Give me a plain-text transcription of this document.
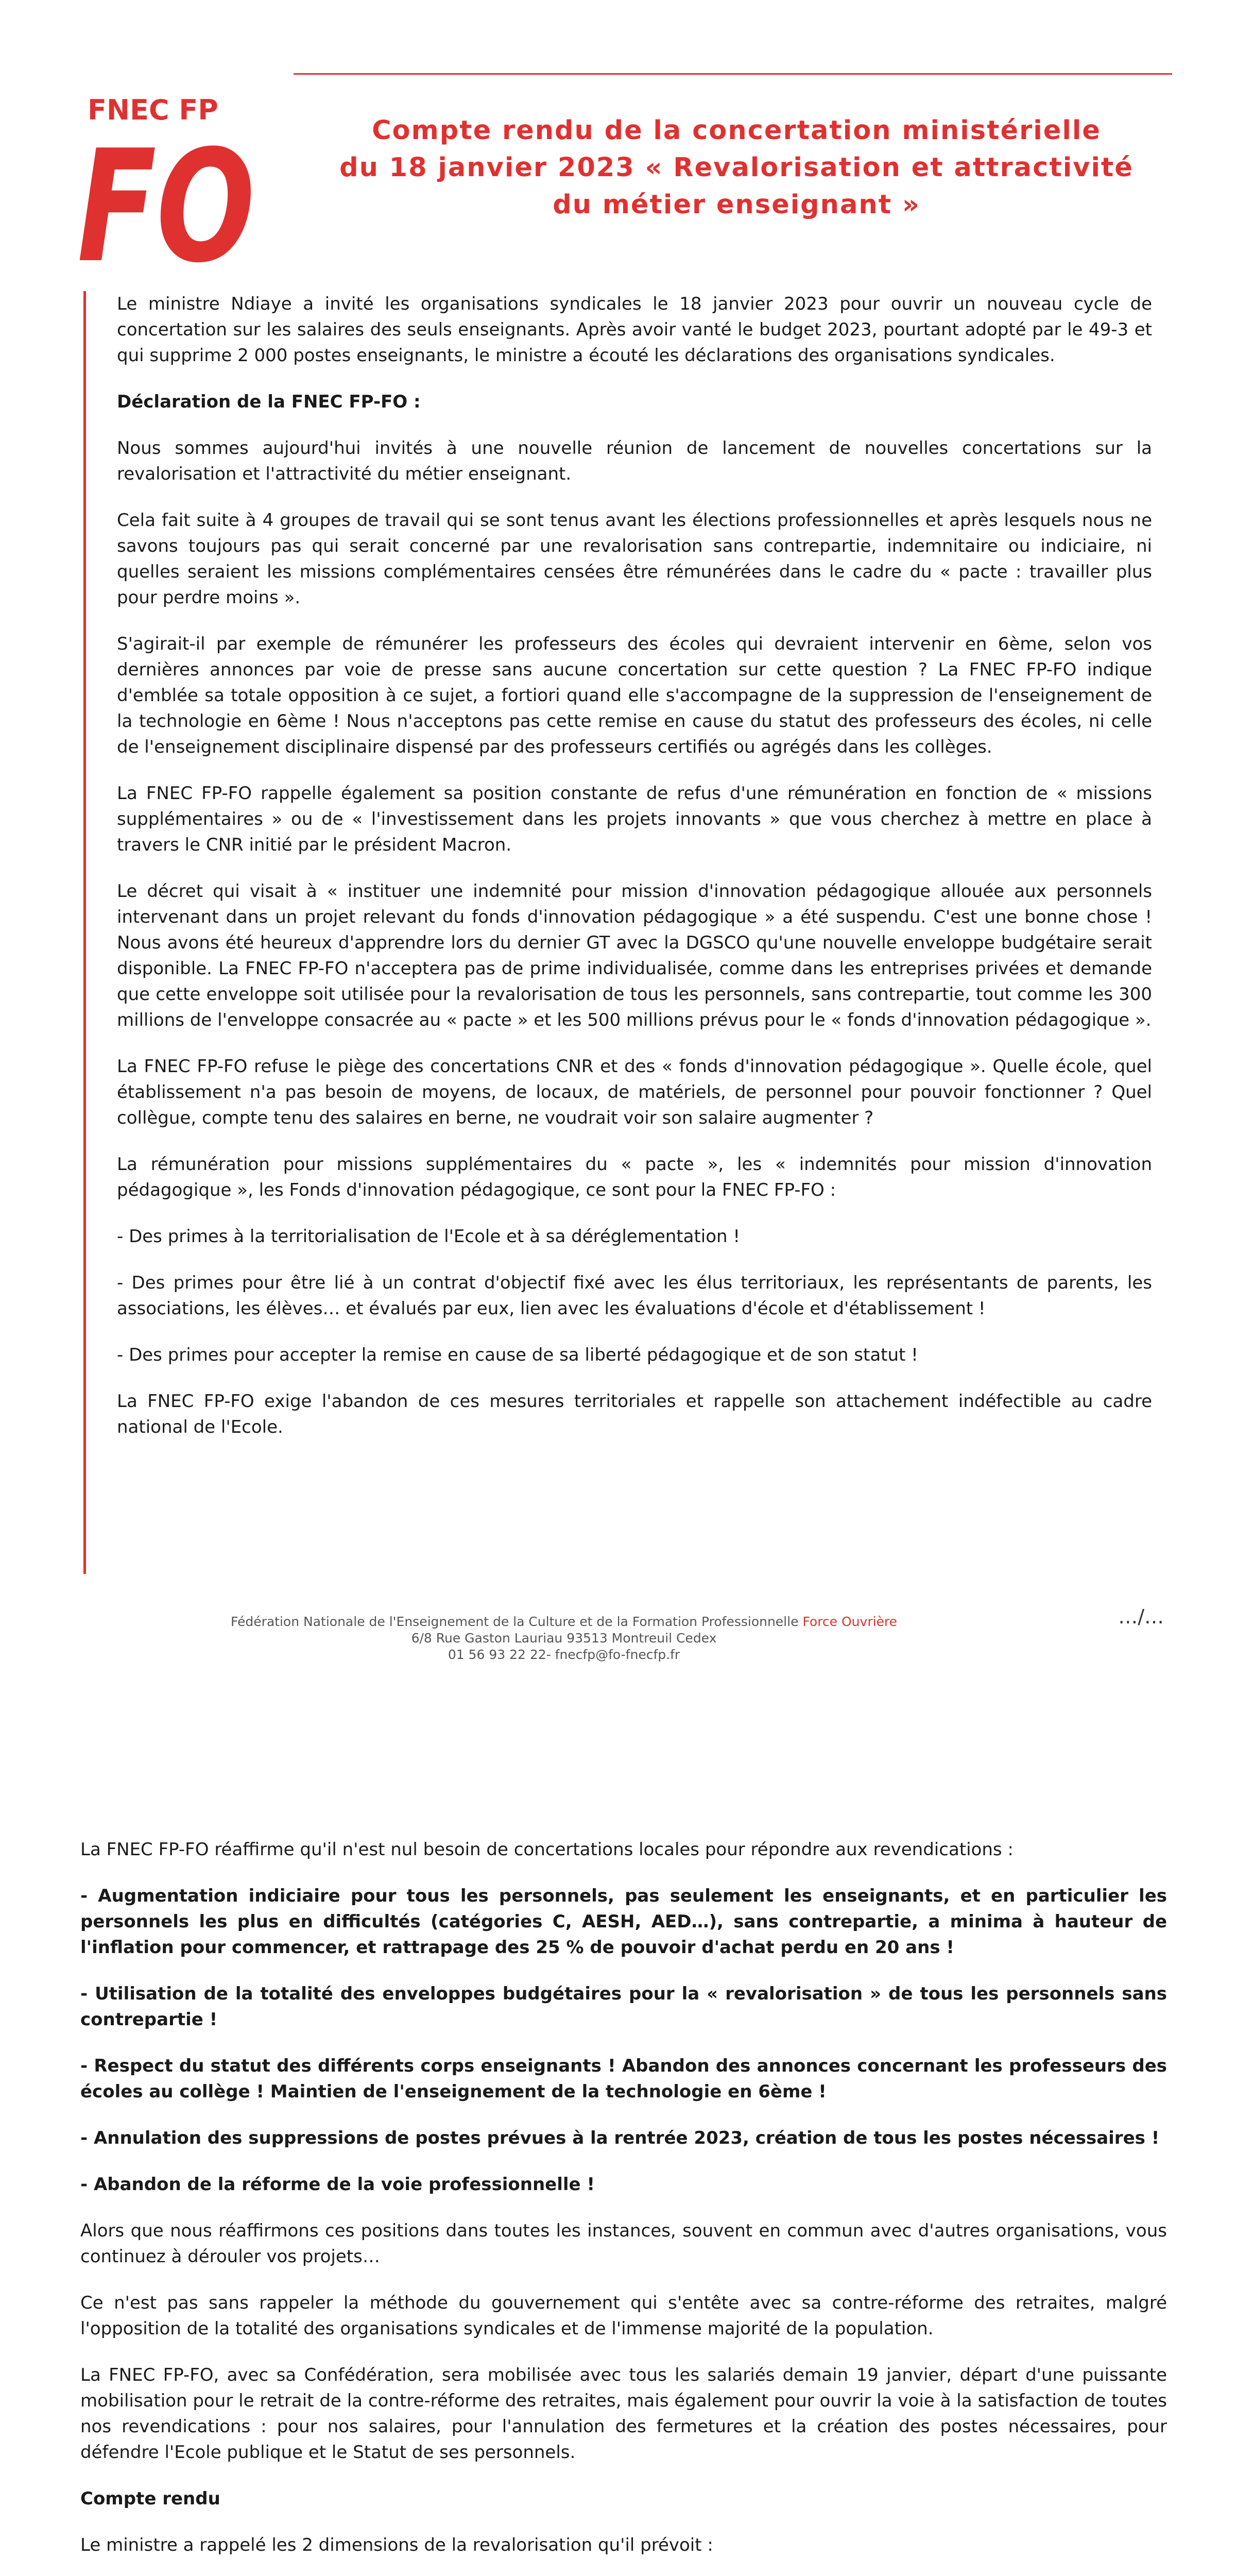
FNEC FP
FO	Compte rendu de la concertation ministérielle
du 18 janvier 2023 « Revalorisation et attractivité
du métier enseignant »

Le ministre Ndiaye a invité les organisations syndicales le 18 janvier 2023 pour ouvrir un nouveau cycle de concertation sur les salaires des seuls enseignants. Après avoir vanté le budget 2023, pourtant adopté par le 49-3 et qui supprime 2 000 postes enseignants, le ministre a écouté les déclarations des organisations syndicales.

Déclaration de la FNEC FP-FO :

Nous sommes aujourd'hui invités à une nouvelle réunion de lancement de nouvelles concertations sur la revalorisation et l'attractivité du métier enseignant.

Cela fait suite à 4 groupes de travail qui se sont tenus avant les élections professionnelles et après lesquels nous ne savons toujours pas qui serait concerné par une revalorisation sans contrepartie, indemnitaire ou indiciaire, ni quelles seraient les missions complémentaires censées être rémunérées dans le cadre du « pacte : travailler plus pour perdre moins ».

S'agirait-il par exemple de rémunérer les professeurs des écoles qui devraient intervenir en 6ème, selon vos dernières annonces par voie de presse sans aucune concertation sur cette question ? La FNEC FP-FO indique d'emblée sa totale opposition à ce sujet, a fortiori quand elle s'accompagne de la suppression de l'enseignement de la technologie en 6ème ! Nous n'acceptons pas cette remise en cause du statut des professeurs des écoles, ni celle de l'enseignement disciplinaire dispensé par des professeurs certifiés ou agrégés dans les collèges.

La FNEC FP-FO rappelle également sa position constante de refus d'une rémunération en fonction de « missions supplémentaires » ou de « l'investissement dans les projets innovants » que vous cherchez à mettre en place à travers le CNR initié par le président Macron.

Le décret qui visait à « instituer une indemnité pour mission d'innovation pédagogique allouée aux personnels intervenant dans un projet relevant du fonds d'innovation pédagogique » a été suspendu. C'est une bonne chose ! Nous avons été heureux d'apprendre lors du dernier GT avec la DGSCO qu'une nouvelle enveloppe budgétaire serait disponible. La FNEC FP-FO n'acceptera pas de prime individualisée, comme dans les entreprises privées et demande que cette enveloppe soit utilisée pour la revalorisation de tous les personnels, sans contrepartie, tout comme les 300 millions de l'enveloppe consacrée au « pacte » et les 500 millions prévus pour le « fonds d'innovation pédagogique ».

La FNEC FP-FO refuse le piège des concertations CNR et des « fonds d'innovation pédagogique ». Quelle école, quel établissement n'a pas besoin de moyens, de locaux, de matériels, de personnel pour pouvoir fonctionner ? Quel collègue, compte tenu des salaires en berne, ne voudrait voir son salaire augmenter ?

La rémunération pour missions supplémentaires du « pacte », les « indemnités pour mission d'innovation pédagogique », les Fonds d'innovation pédagogique, ce sont pour la FNEC FP-FO :

- Des primes à la territorialisation de l'Ecole et à sa déréglementation !

- Des primes pour être lié à un contrat d'objectif fixé avec les élus territoriaux, les représentants de parents, les associations, les élèves… et évalués par eux, lien avec les évaluations d'école et d'établissement !

- Des primes pour accepter la remise en cause de sa liberté pédagogique et de son statut !

La FNEC FP-FO exige l'abandon de ces mesures territoriales et rappelle son attachement indéfectible au cadre national de l'Ecole.

Fédération Nationale de l'Enseignement de la Culture et de la Formation Professionnelle Force Ouvrière
6/8 Rue Gaston Lauriau 93513 Montreuil Cedex
01 56 93 22 22- fnecfp@fo-fnecfp.fr
…/…

La FNEC FP-FO réaffirme qu'il n'est nul besoin de concertations locales pour répondre aux revendications :

- Augmentation indiciaire pour tous les personnels, pas seulement les enseignants, et en particulier les personnels les plus en difficultés (catégories C, AESH, AED…), sans contrepartie, a minima à hauteur de l'inflation pour commencer, et rattrapage des 25 % de pouvoir d'achat perdu en 20 ans !

- Utilisation de la totalité des enveloppes budgétaires pour la « revalorisation » de tous les personnels sans contrepartie !

- Respect du statut des différents corps enseignants ! Abandon des annonces concernant les professeurs des écoles au collège ! Maintien de l'enseignement de la technologie en 6ème !

- Annulation des suppressions de postes prévues à la rentrée 2023, création de tous les postes nécessaires !

- Abandon de la réforme de la voie professionnelle !

Alors que nous réaffirmons ces positions dans toutes les instances, souvent en commun avec d'autres organisations, vous continuez à dérouler vos projets…

Ce n'est pas sans rappeler la méthode du gouvernement qui s'entête avec sa contre-réforme des retraites, malgré l'opposition de la totalité des organisations syndicales et de l'immense majorité de la population.

La FNEC FP-FO, avec sa Confédération, sera mobilisée avec tous les salariés demain 19 janvier, départ d'une puissante mobilisation pour le retrait de la contre-réforme des retraites, mais également pour ouvrir la voie à la satisfaction de toutes nos revendications : pour nos salaires, pour l'annulation des fermetures et la création des postes nécessaires, pour défendre l'Ecole publique et le Statut de ses personnels.

Compte rendu

Le ministre a rappelé les 2 dimensions de la revalorisation qu'il prévoit :
